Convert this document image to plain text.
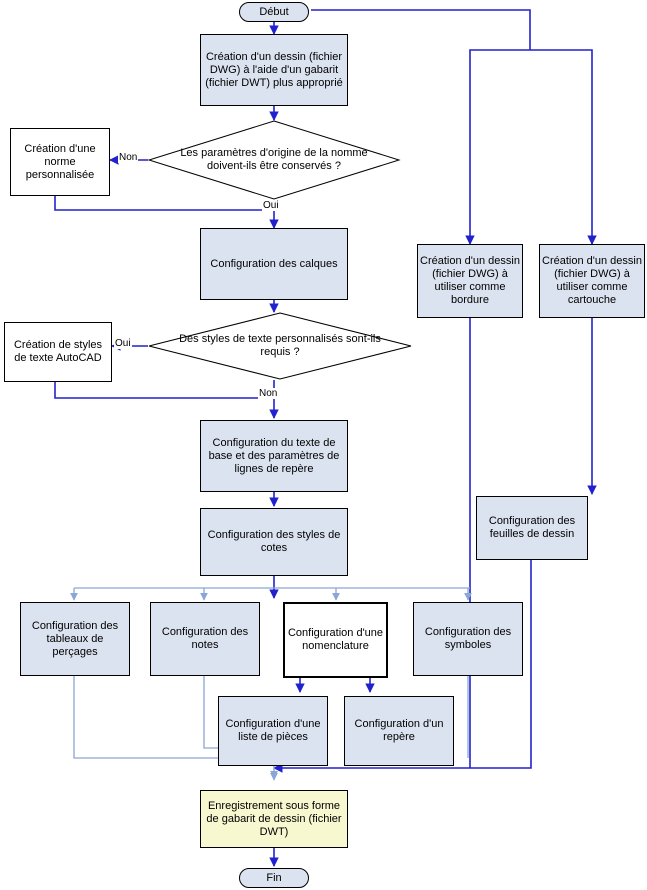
Début
Création d'un dessin (fichier DWG) à l'aide d'un gabarit (fichier DWT) plus approprié
Les paramètres d'origine de la nomme doivent-ils être conservés ?
Création d'une norme personnalisée
Configuration des calques
Des styles de texte personnalisés sont-ils requis ?
Création de styles de texte AutoCAD
Création d'un dessin (fichier DWG) à utiliser comme bordure
Création d'un dessin (fichier DWG) à utiliser comme cartouche
Configuration des feuilles de dessin
Configuration du texte de base et des paramètres de lignes de repère
Configuration des styles de cotes
Configuration des tableaux de perçages
Configuration des notes
Configuration d'une nomenclature
Configuration des symboles
Configuration d'une liste de pièces
Configuration d'un repère
Enregistrement sous forme de gabarit de dessin (fichier DWT)
Fin
Non
Oui
Oui
Non
